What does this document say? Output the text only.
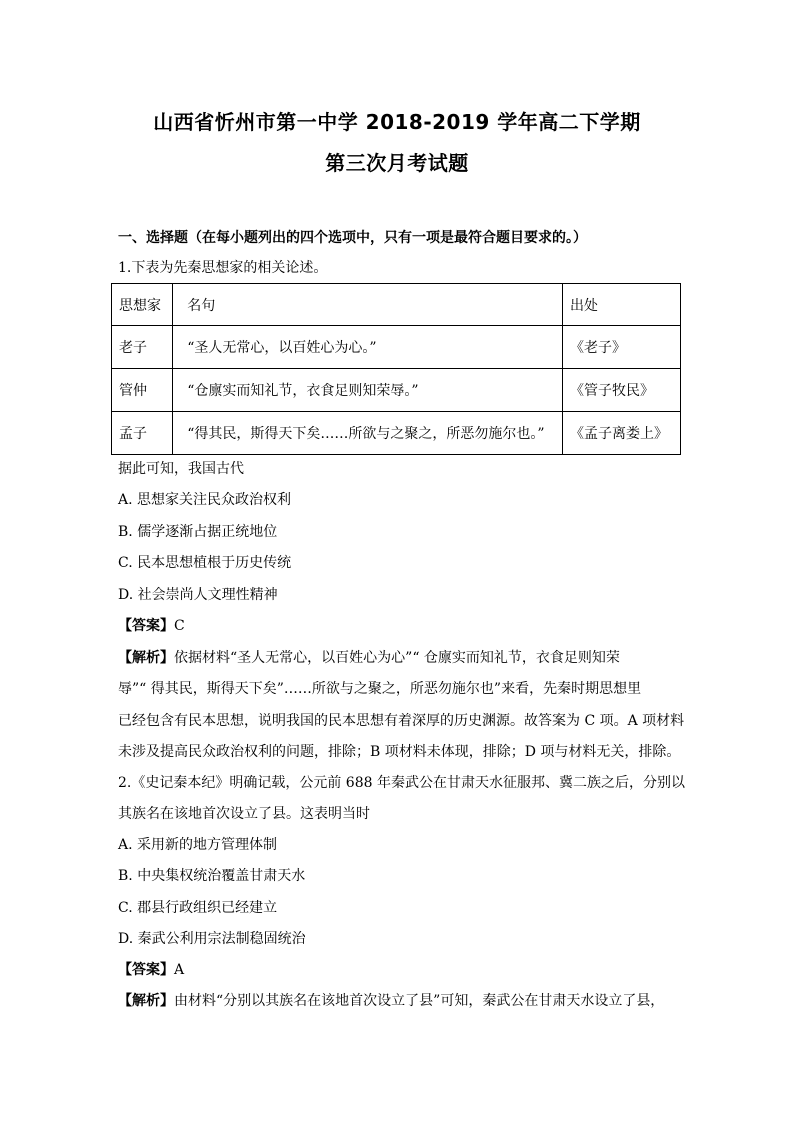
山西省忻州市第一中学 2018-2019 学年高二下学期
第三次月考试题
一、选择题（在每小题列出的四个选项中，只有一项是最符合题目要求的。）
1.下表为先秦思想家的相关论述。
思想家	名句	出处
老子	“圣人无常心，以百姓心为心。”	《老子》
管仲	“仓廪实而知礼节，衣食足则知荣辱。”	《管子牧民》
孟子	“得其民，斯得天下矣……所欲与之聚之，所恶勿施尔也。”	《孟子离娄上》
据此可知，我国古代
A. 思想家关注民众政治权利
B. 儒学逐渐占据正统地位
C. 民本思想植根于历史传统
D. 社会崇尚人文理性精神
【答案】C
【解析】依据材料“圣人无常心，以百姓心为心”“ 仓廪实而知礼节，衣食足则知荣
辱”“ 得其民，斯得天下矣”……所欲与之聚之，所恶勿施尔也”来看，先秦时期思想里
已经包含有民本思想，说明我国的民本思想有着深厚的历史渊源。故答案为 C 项。A 项材料
未涉及提高民众政治权利的问题，排除；B 项材料未体现，排除；D 项与材料无关，排除。
2.《史记秦本纪》明确记载，公元前 688 年秦武公在甘肃天水征服邦、冀二族之后，分别以
其族名在该地首次设立了县。这表明当时
A. 采用新的地方管理体制
B. 中央集权统治覆盖甘肃天水
C. 郡县行政组织已经建立
D. 秦武公利用宗法制稳固统治
【答案】A
【解析】由材料“分别以其族名在该地首次设立了县”可知，秦武公在甘肃天水设立了县，
